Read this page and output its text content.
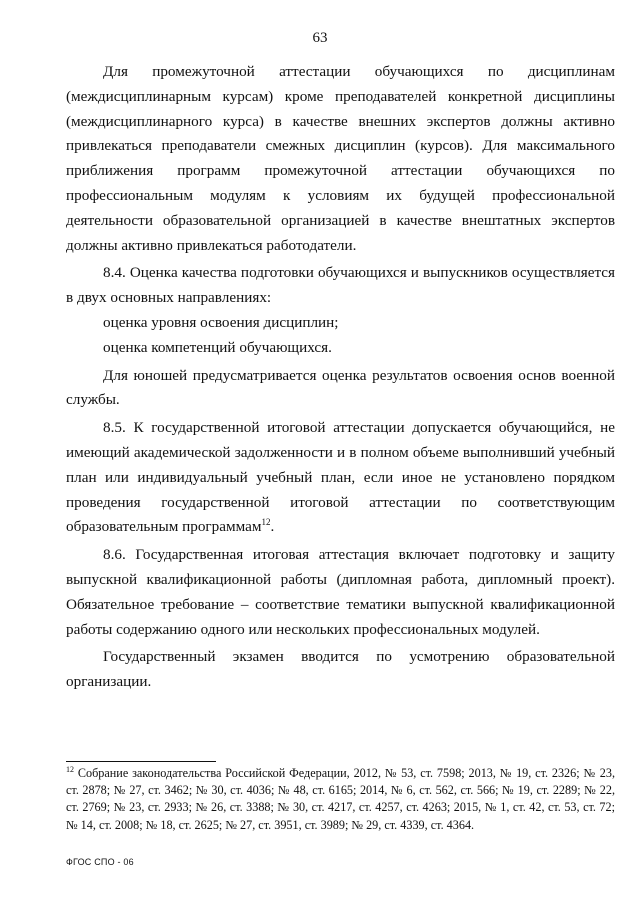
63

Для промежуточной аттестации обучающихся по дисциплинам (междисциплинарным курсам) кроме преподавателей конкретной дисциплины (междисциплинарного курса) в качестве внешних экспертов должны активно привлекаться преподаватели смежных дисциплин (курсов). Для максимального приближения программ промежуточной аттестации обучающихся по профессиональным модулям к условиям их будущей профессиональной деятельности образовательной организацией в качестве внештатных экспертов должны активно привлекаться работодатели.

8.4. Оценка качества подготовки обучающихся и выпускников осуществляется в двух основных направлениях:

оценка уровня освоения дисциплин;

оценка компетенций обучающихся.

Для юношей предусматривается оценка результатов освоения основ военной службы.

8.5. К государственной итоговой аттестации допускается обучающийся, не имеющий академической задолженности и в полном объеме выполнивший учебный план или индивидуальный учебный план, если иное не установлено порядком проведения государственной итоговой аттестации по соответствующим образовательным программам$^{12}$.

8.6. Государственная итоговая аттестация включает подготовку и защиту выпускной квалификационной работы (дипломная работа, дипломный проект). Обязательное требование – соответствие тематики выпускной квалификационной работы содержанию одного или нескольких профессиональных модулей.

Государственный экзамен вводится по усмотрению образовательной организации.

$^{12}$ Собрание законодательства Российской Федерации, 2012, № 53, ст. 7598; 2013, № 19, ст. 2326; № 23, ст. 2878; № 27, ст. 3462; № 30, ст. 4036; № 48, ст. 6165; 2014, № 6, ст. 562, ст. 566; № 19, ст. 2289; № 22, ст. 2769; № 23, ст. 2933; № 26, ст. 3388; № 30, ст. 4217, ст. 4257, ст. 4263; 2015, № 1, ст. 42, ст. 53, ст. 72; № 14, ст. 2008; № 18, ст. 2625; № 27, ст. 3951, ст. 3989; № 29, ст. 4339, ст. 4364.

ФГОС СПО - 06
